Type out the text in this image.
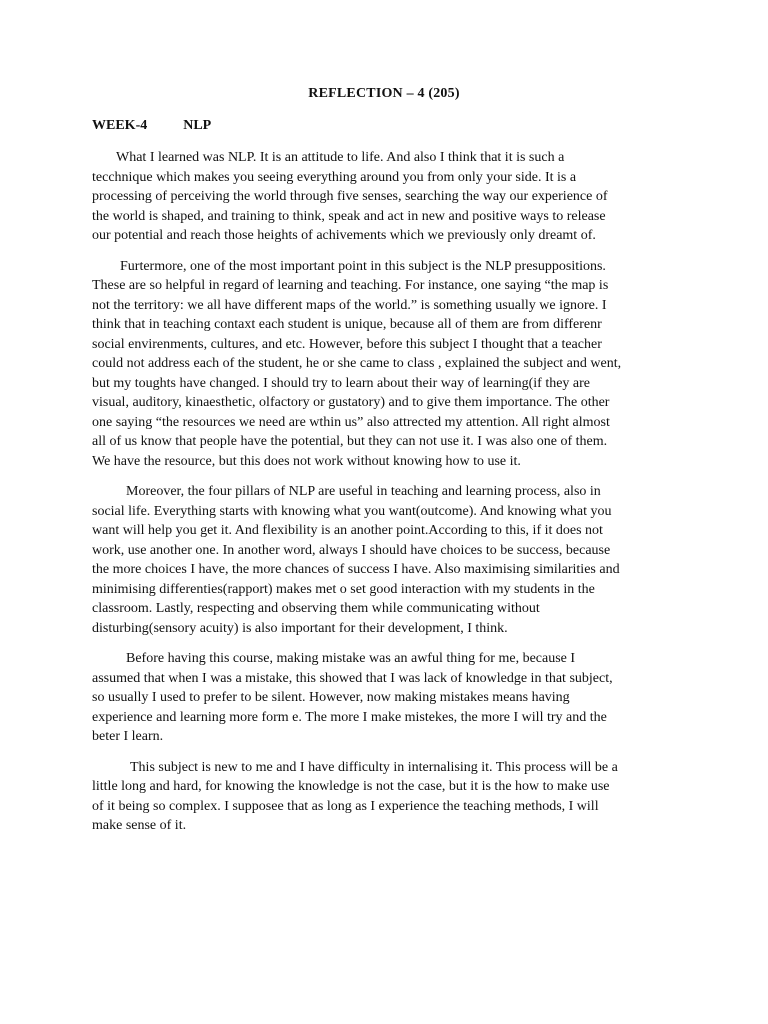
REFLECTION – 4 (205)
WEEK-4	NLP

What I learned was NLP. It is an attitude to life. And also I think that it is such a
tecchnique which makes you seeing everything around you from only your side. It is a
processing of perceiving the world through five senses, searching the way our experience of
the world is shaped, and training to think, speak and act in new and positive ways to release
our potential and reach those heights of achivements which we previously only dreamt of.

Furtermore, one of the most important point in this subject is the NLP presuppositions.
These are so helpful in regard of learning and teaching. For instance, one saying “the map is
not the territory: we all have different maps of the world.” is something usually we ignore. I
think that in teaching contaxt each student is unique, because all of them are from differenr
social envirenments, cultures, and etc. However, before this subject I thought that a teacher
could not address each of the student, he or she came to class , explained the subject and went,
but my toughts have changed. I should try to learn about their way of learning(if they are
visual, auditory, kinaesthetic, olfactory or gustatory) and to give them importance. The other
one saying “the resources we need are wthin us” also attrected my attention. All right almost
all of us know that people have the potential, but they can not use it. I was also one of them.
We have the resource, but this does not work without knowing how to use it.

Moreover, the four pillars of NLP are useful in teaching and learning process, also in
social life. Everything starts with knowing what you want(outcome). And knowing what you
want will help you get it. And flexibility is an another point.According to this, if it does not
work, use another one. In another word, always I should have choices to be success, because
the more choices I have, the more chances of success I have. Also maximising similarities and
minimising differenties(rapport) makes met o set good interaction with my students in the
classroom. Lastly, respecting and observing them while communicating without
disturbing(sensory acuity) is also important for their development, I think.

Before having this course, making mistake was an awful thing for me, because I
assumed that when I was a mistake, this showed that I was lack of knowledge in that subject,
so usually I used to prefer to be silent. However, now making mistakes means having
experience and learning more form e. The more I make mistekes, the more I will try and the
beter I learn.

This subject is new to me and I have difficulty in internalising it. This process will be a
little long and hard, for knowing the knowledge is not the case, but it is the how to make use
of it being so complex. I supposee that as long as I experience the teaching methods, I will
make sense of it.
